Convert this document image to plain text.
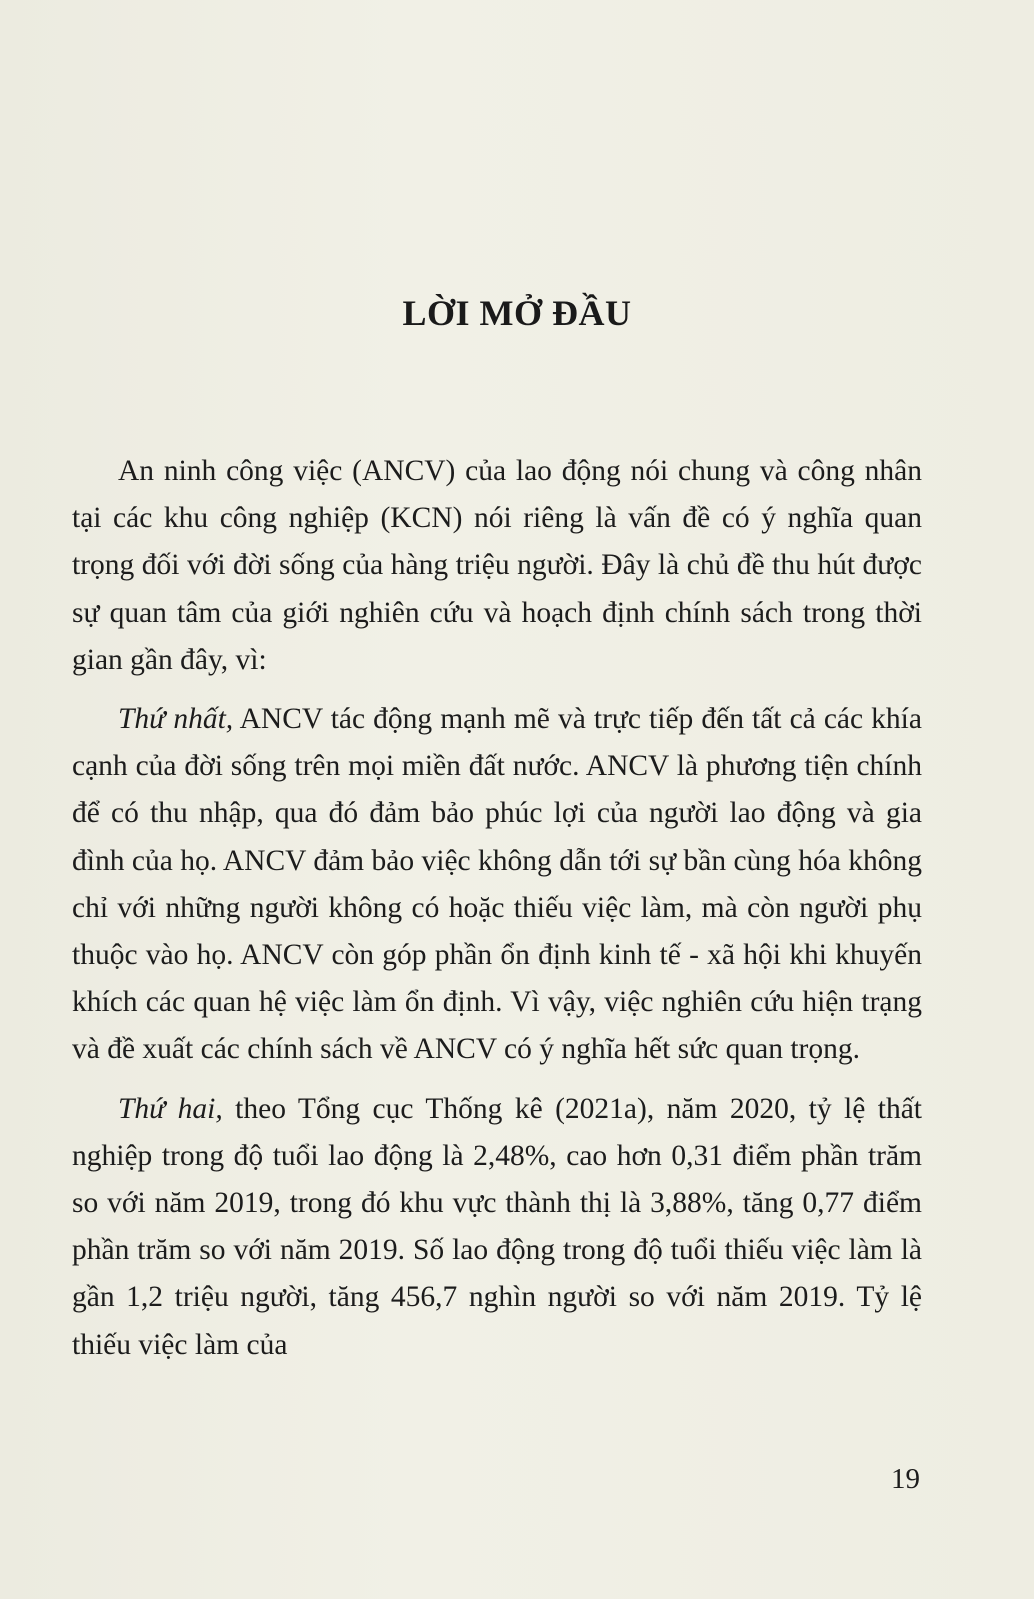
LỜI MỞ ĐẦU

An ninh công việc (ANCV) của lao động nói chung và công nhân tại các khu công nghiệp (KCN) nói riêng là vấn đề có ý nghĩa quan trọng đối với đời sống của hàng triệu người. Đây là chủ đề thu hút được sự quan tâm của giới nghiên cứu và hoạch định chính sách trong thời gian gần đây, vì:

Thứ nhất, ANCV tác động mạnh mẽ và trực tiếp đến tất cả các khía cạnh của đời sống trên mọi miền đất nước. ANCV là phương tiện chính để có thu nhập, qua đó đảm bảo phúc lợi của người lao động và gia đình của họ. ANCV đảm bảo việc không dẫn tới sự bần cùng hóa không chỉ với những người không có hoặc thiếu việc làm, mà còn người phụ thuộc vào họ. ANCV còn góp phần ổn định kinh tế - xã hội khi khuyến khích các quan hệ việc làm ổn định. Vì vậy, việc nghiên cứu hiện trạng và đề xuất các chính sách về ANCV có ý nghĩa hết sức quan trọng.

Thứ hai, theo Tổng cục Thống kê (2021a), năm 2020, tỷ lệ thất nghiệp trong độ tuổi lao động là 2,48%, cao hơn 0,31 điểm phần trăm so với năm 2019, trong đó khu vực thành thị là 3,88%, tăng 0,77 điểm phần trăm so với năm 2019. Số lao động trong độ tuổi thiếu việc làm là gần 1,2 triệu người, tăng 456,7 nghìn người so với năm 2019. Tỷ lệ thiếu việc làm của

19
